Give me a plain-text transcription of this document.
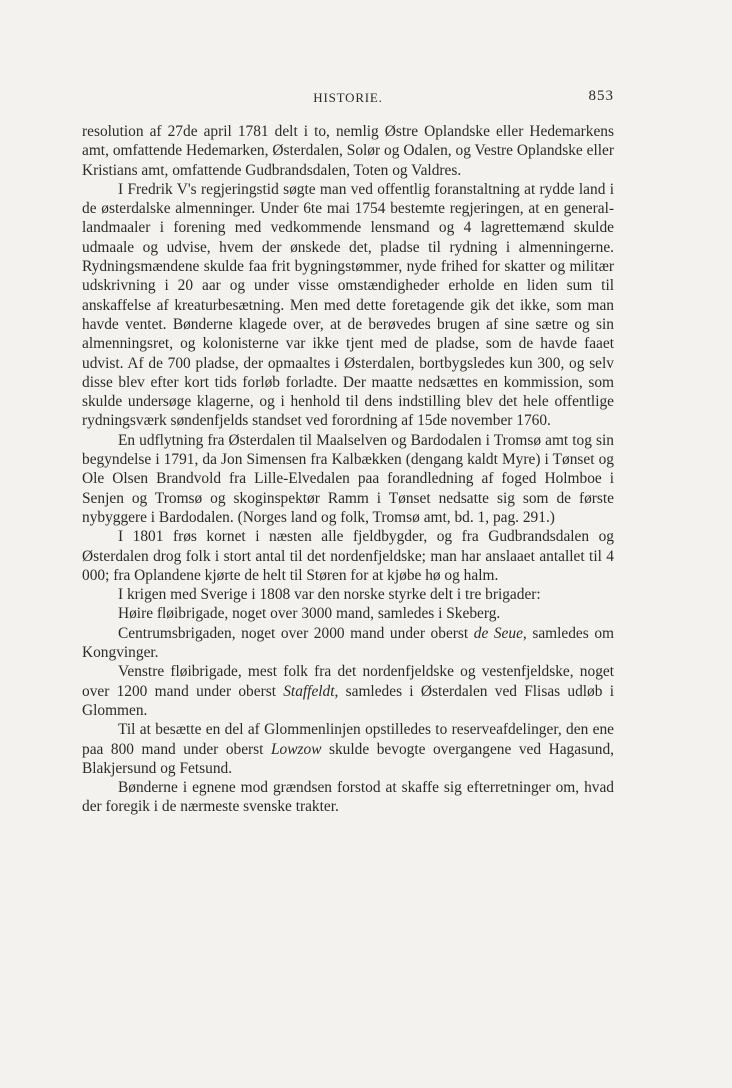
HISTORIE.	853

resolution af 27de april 1781 delt i to, nemlig Østre Oplandske eller Hedemarkens amt, omfattende Hedemarken, Østerdalen, Solør og Odalen, og Vestre Oplandske eller Kristians amt, omfattende Gudbrandsdalen, Toten og Valdres.

I Fredrik V's regjeringstid søgte man ved offentlig foranstaltning at rydde land i de østerdalske almenninger. Under 6te mai 1754 bestemte regjeringen, at en general-landmaaler i forening med vedkommende lensmand og 4 lagrettemænd skulde udmaale og udvise, hvem der ønskede det, pladse til rydning i almenningerne. Rydningsmændene skulde faa frit bygningstømmer, nyde frihed for skatter og militær udskrivning i 20 aar og under visse omstændigheder erholde en liden sum til anskaffelse af kreaturbesætning. Men med dette foretagende gik det ikke, som man havde ventet. Bønderne klagede over, at de berøvedes brugen af sine sætre og sin almenningsret, og kolonisterne var ikke tjent med de pladse, som de havde faaet udvist. Af de 700 pladse, der opmaaltes i Østerdalen, bortbygsledes kun 300, og selv disse blev efter kort tids forløb forladte. Der maatte nedsættes en kommission, som skulde undersøge klagerne, og i henhold til dens indstilling blev det hele offentlige rydningsværk søndenfjelds standset ved forordning af 15de november 1760.

En udflytning fra Østerdalen til Maalselven og Bardodalen i Tromsø amt tog sin begyndelse i 1791, da Jon Simensen fra Kalbækken (dengang kaldt Myre) i Tønset og Ole Olsen Brandvold fra Lille-Elvedalen paa forandledning af foged Holmboe i Senjen og Tromsø og skoginspektør Ramm i Tønset nedsatte sig som de første nybyggere i Bardodalen. (Norges land og folk, Tromsø amt, bd. 1, pag. 291.)

I 1801 frøs kornet i næsten alle fjeldbygder, og fra Gudbrandsdalen og Østerdalen drog folk i stort antal til det nordenfjeldske; man har anslaaet antallet til 4 000; fra Oplandene kjørte de helt til Støren for at kjøbe hø og halm.

I krigen med Sverige i 1808 var den norske styrke delt i tre brigader:

Høire fløibrigade, noget over 3000 mand, samledes i Skeberg.

Centrumsbrigaden, noget over 2000 mand under oberst de Seue, samledes om Kongvinger.

Venstre fløibrigade, mest folk fra det nordenfjeldske og vestenfjeldske, noget over 1200 mand under oberst Staffeldt, samledes i Østerdalen ved Flisas udløb i Glommen.

Til at besætte en del af Glommenlinjen opstilledes to reserveafdelinger, den ene paa 800 mand under oberst Lowzow skulde bevogte overgangene ved Hagasund, Blakjersund og Fetsund.

Bønderne i egnene mod grændsen forstod at skaffe sig efterretninger om, hvad der foregik i de nærmeste svenske trakter.
